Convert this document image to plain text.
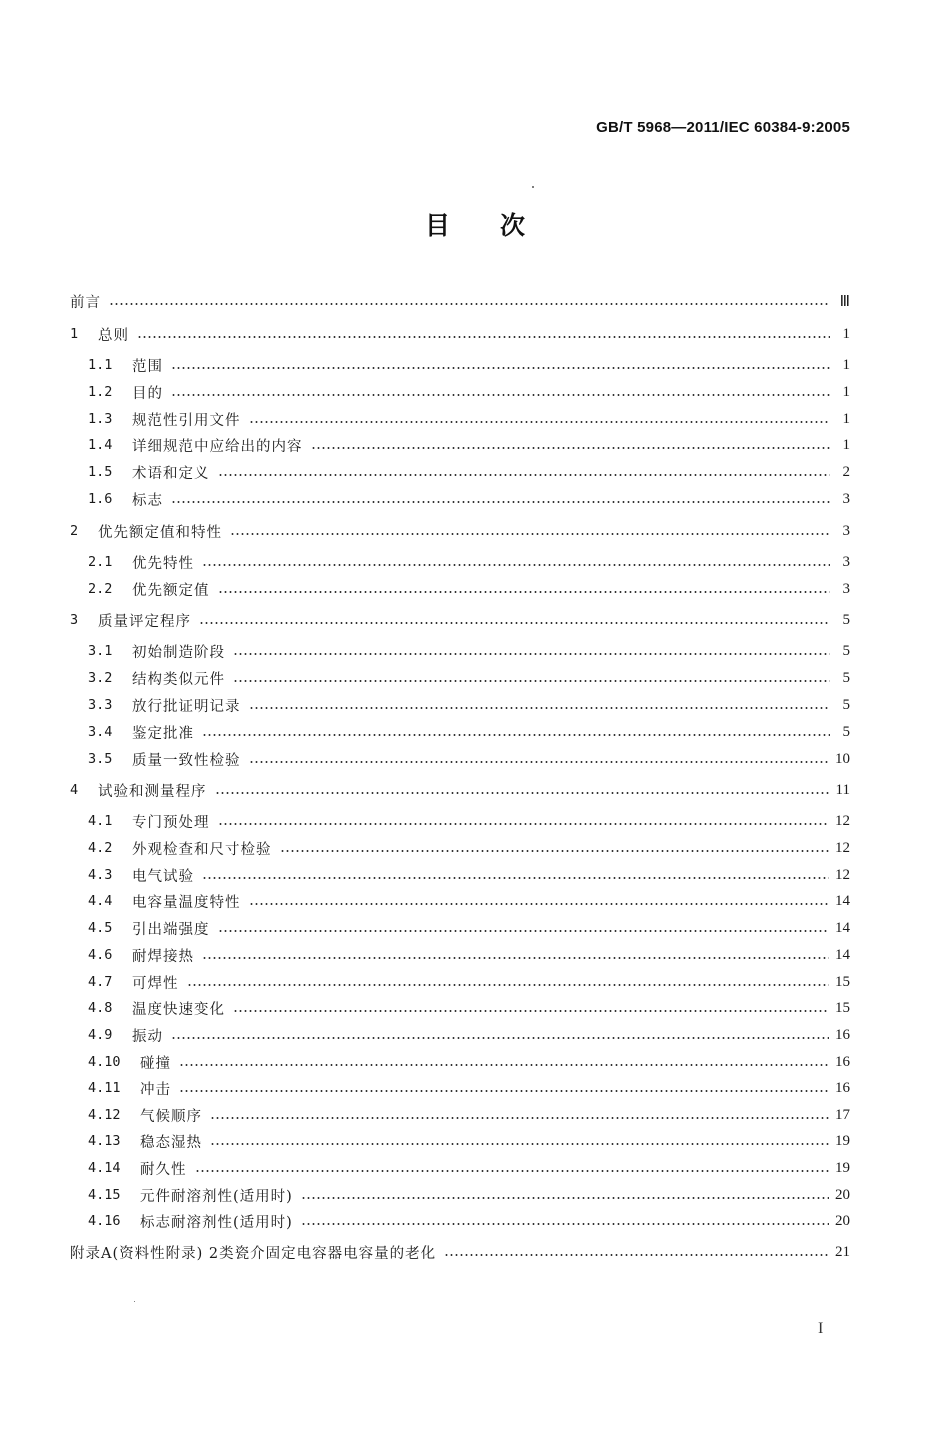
GB/T 5968—2011/IEC 60384-9:2005
目 次
前言	Ⅲ
1	总则	1
1.1	范围	1
1.2	目的	1
1.3	规范性引用文件	1
1.4	详细规范中应给出的内容	1
1.5	术语和定义	2
1.6	标志	3
2	优先额定值和特性	3
2.1	优先特性	3
2.2	优先额定值	3
3	质量评定程序	5
3.1	初始制造阶段	5
3.2	结构类似元件	5
3.3	放行批证明记录	5
3.4	鉴定批准	5
3.5	质量一致性检验	10
4	试验和测量程序	11
4.1	专门预处理	12
4.2	外观检查和尺寸检验	12
4.3	电气试验	12
4.4	电容量温度特性	14
4.5	引出端强度	14
4.6	耐焊接热	14
4.7	可焊性	15
4.8	温度快速变化	15
4.9	振动	16
4.10	碰撞	16
4.11	冲击	16
4.12	气候顺序	17
4.13	稳态湿热	19
4.14	耐久性	19
4.15	元件耐溶剂性(适用时)	20
4.16	标志耐溶剂性(适用时)	20
附录A(资料性附录) 2类瓷介固定电容器电容量的老化	21
I
